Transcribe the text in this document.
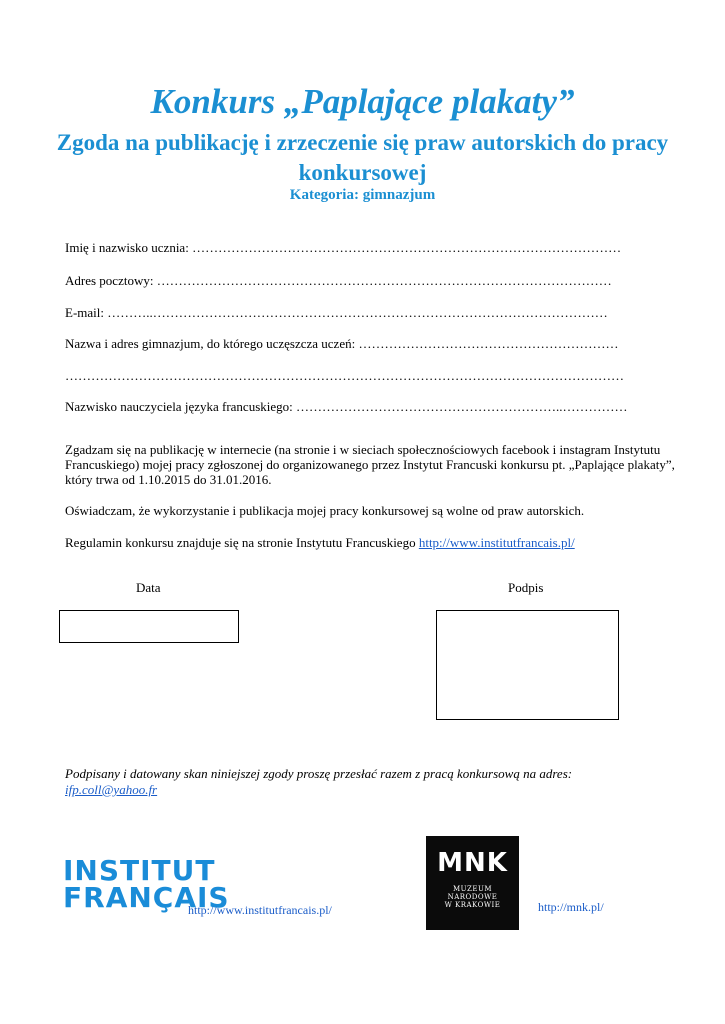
Konkurs „Paplające plakaty”
Zgoda na publikację i zrzeczenie się praw autorskich do pracy konkursowej
Kategoria: gimnazjum
Imię i nazwisko ucznia: ………………………………………………………………………………………
Adres pocztowy: ……………………………………………………………………………………………
E-mail: ………..……………………………………………………………………………………………
Nazwa i adres gimnazjum, do którego uczęszcza uczeń: ……………………………………………………
…………………………………………………………………………………………………………………
Nazwisko nauczyciela języka francuskiego: ……………………………………………………..……………
Zgadzam się na publikację w internecie (na stronie i w sieciach społecznościowych facebook i instagram Instytutu Francuskiego) mojej pracy zgłoszonej do organizowanego przez Instytut Francuski konkursu pt. „Paplające plakaty”, który trwa od 1.10.2015 do 31.01.2016.
Oświadczam, że wykorzystanie i publikacja mojej pracy konkursowej są wolne od praw autorskich.
Regulamin konkursu znajduje się na stronie Instytutu Francuskiego http://www.institutfrancais.pl/
Data	Podpis
Podpisany i datowany skan niniejszej zgody proszę przesłać razem z pracą konkursową na adres:
ifp.coll@yahoo.fr
INSTITUT
FRANÇAIS
http://www.institutfrancais.pl/
MNK
MUZEUM
NARODOWE
W KRAKOWIE	http://mnk.pl/
